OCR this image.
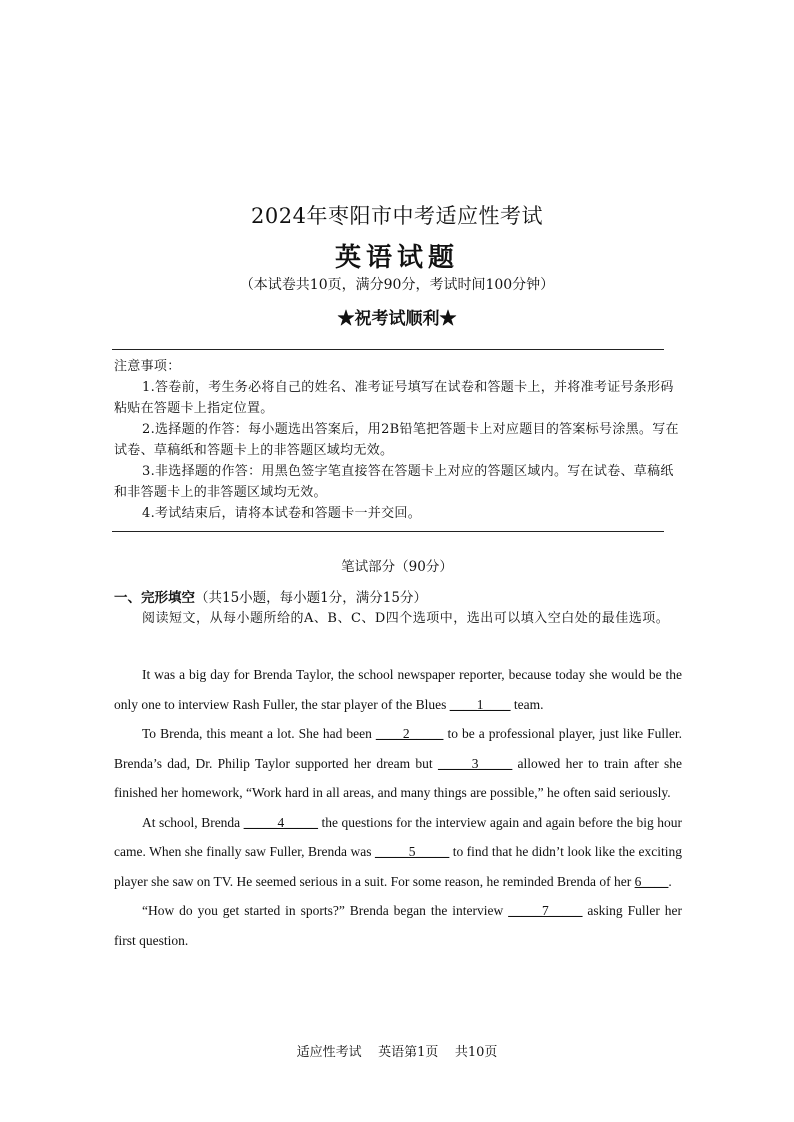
2024年枣阳市中考适应性考试
英语试题
（本试卷共10页，满分90分，考试时间100分钟）
★祝考试顺利★

注意事项：

1.答卷前，考生务必将自己的姓名、准考证号填写在试卷和答题卡上，并将准考证号条形码粘贴在答题卡上指定位置。

2.选择题的作答：每小题选出答案后，用2B铅笔把答题卡上对应题目的答案标号涂黑。写在试卷、草稿纸和答题卡上的非答题区域均无效。

3.非选择题的作答：用黑色签字笔直接答在答题卡上对应的答题区域内。写在试卷、草稿纸和非答题卡上的非答题区域均无效。

4.考试结束后，请将本试卷和答题卡一并交回。

笔试部分（90分）
一、完形填空（共15小题，每小题1分，满分15分）

阅读短文，从每小题所给的A、B、C、D四个选项中，选出可以填入空白处的最佳选项。

It was a big day for Brenda Taylor, the school newspaper reporter, because today she would be the only one to interview Rash Fuller, the star player of the Blues ____1____ team.

To Brenda, this meant a lot. She had been ____2_____ to be a professional player, just like Fuller. Brenda’s dad, Dr. Philip Taylor supported her dream but _____3_____ allowed her to train after she finished her homework, “Work hard in all areas, and many things are possible,” he often said seriously.

At school, Brenda _____4_____ the questions for the interview again and again before the big hour came. When she finally saw Fuller, Brenda was _____5_____ to find that he didn’t look like the exciting player she saw on TV. He seemed serious in a suit. For some reason, he reminded Brenda of her 6____.

“How do you get started in sports?” Brenda began the interview _____7_____ asking Fuller her first question.

适应性考试    英语第1页    共10页
